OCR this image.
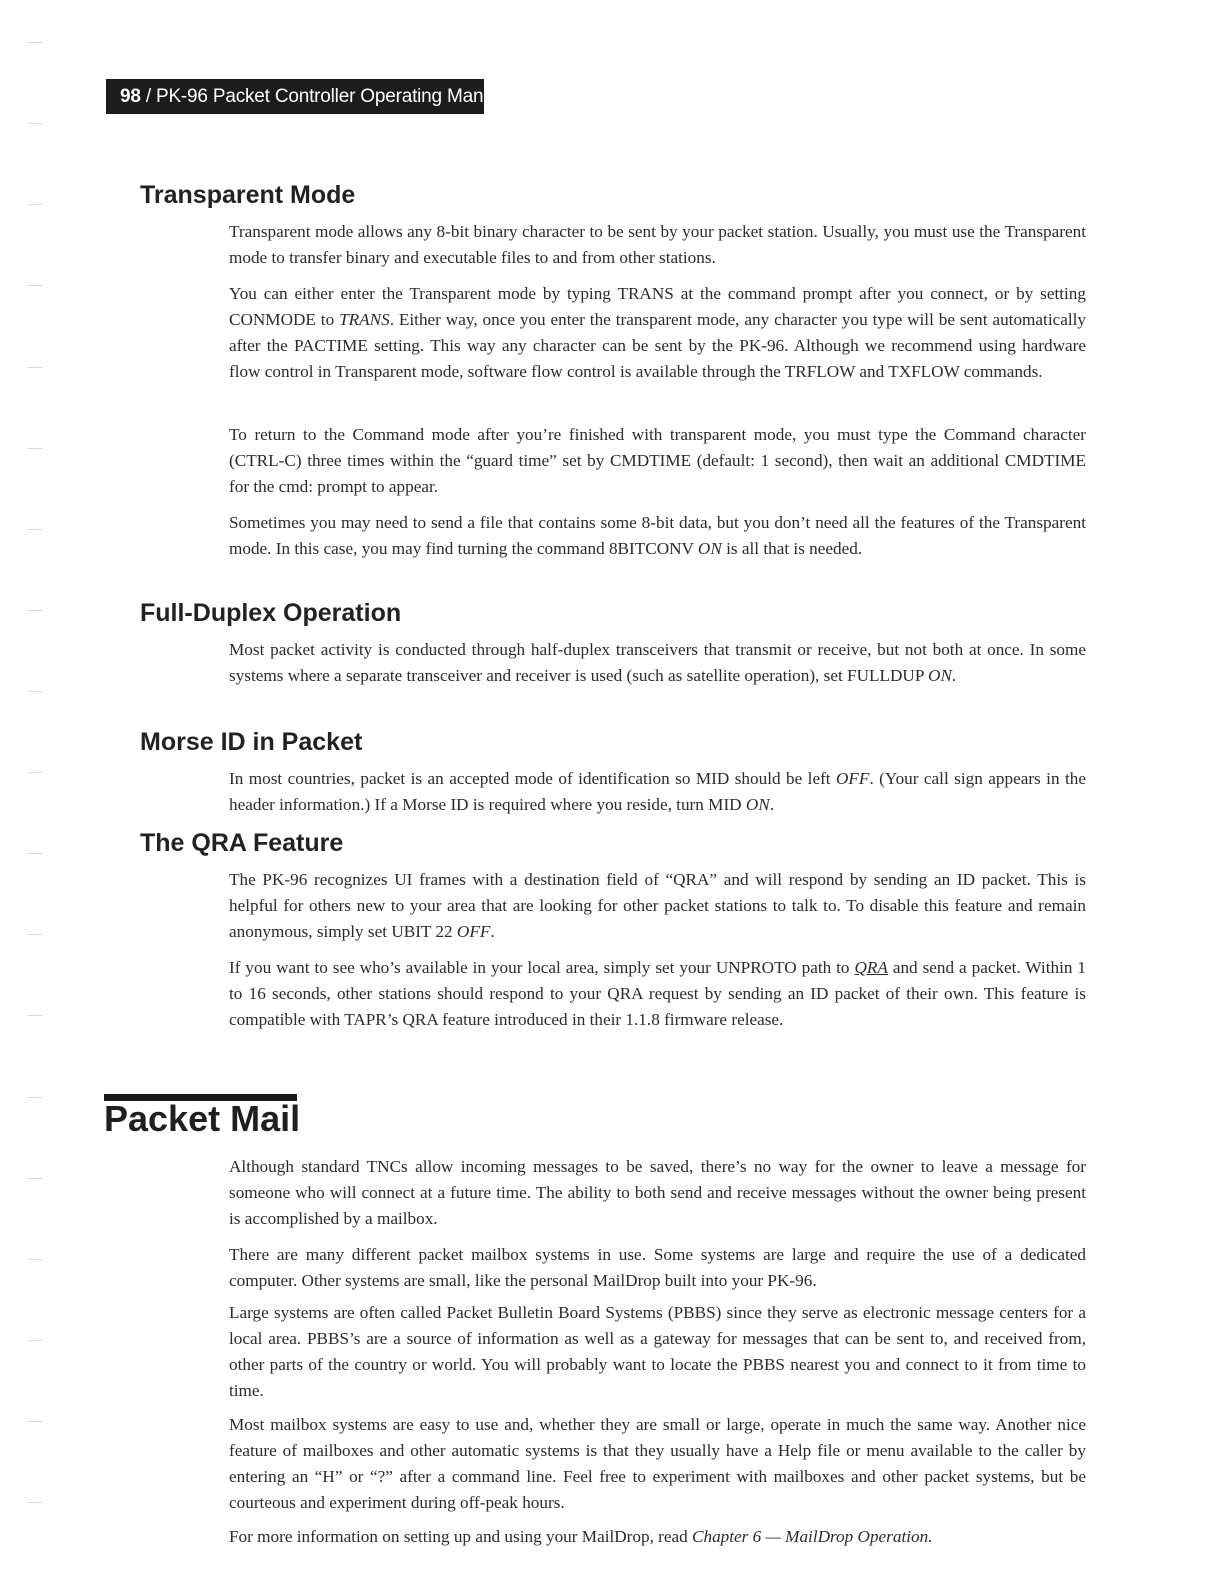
98 / PK-96 Packet Controller Operating Manual
Transparent Mode

Transparent mode allows any 8-bit binary character to be sent by your packet station. Usually, you must use the Transparent mode to transfer binary and executable files to and from other stations.

You can either enter the Transparent mode by typing TRANS at the command prompt after you connect, or by setting CONMODE to TRANS. Either way, once you enter the transparent mode, any character you type will be sent automatically after the PACTIME setting. This way any character can be sent by the PK-96. Although we recommend using hardware flow control in Transparent mode, software flow control is available through the TRFLOW and TXFLOW commands.

To return to the Command mode after you’re finished with transparent mode, you must type the Command character (CTRL-C) three times within the “guard time” set by CMDTIME (default: 1 second), then wait an additional CMDTIME for the cmd: prompt to appear.

Sometimes you may need to send a file that contains some 8-bit data, but you don’t need all the features of the Transparent mode. In this case, you may find turning the command 8BITCONV ON is all that is needed.

Full-Duplex Operation

Most packet activity is conducted through half-duplex transceivers that transmit or receive, but not both at once. In some systems where a separate transceiver and receiver is used (such as satellite operation), set FULLDUP ON.

Morse ID in Packet

In most countries, packet is an accepted mode of identification so MID should be left OFF. (Your call sign appears in the header information.) If a Morse ID is required where you reside, turn MID ON.

The QRA Feature

The PK-96 recognizes UI frames with a destination field of “QRA” and will respond by sending an ID packet. This is helpful for others new to your area that are looking for other packet stations to talk to. To disable this feature and remain anonymous, simply set UBIT 22 OFF.

If you want to see who’s available in your local area, simply set your UNPROTO path to QRA and send a packet. Within 1 to 16 seconds, other stations should respond to your QRA request by sending an ID packet of their own. This feature is compatible with TAPR’s QRA feature introduced in their 1.1.8 firmware release.

Packet Mail

Although standard TNCs allow incoming messages to be saved, there’s no way for the owner to leave a message for someone who will connect at a future time. The ability to both send and receive messages without the owner being present is accomplished by a mailbox.

There are many different packet mailbox systems in use. Some systems are large and require the use of a dedicated computer. Other systems are small, like the personal MailDrop built into your PK-96.

Large systems are often called Packet Bulletin Board Systems (PBBS) since they serve as electronic message centers for a local area. PBBS’s are a source of information as well as a gateway for messages that can be sent to, and received from, other parts of the country or world. You will probably want to locate the PBBS nearest you and connect to it from time to time.

Most mailbox systems are easy to use and, whether they are small or large, operate in much the same way. Another nice feature of mailboxes and other automatic systems is that they usually have a Help file or menu available to the caller by entering an “H” or “?” after a command line. Feel free to experiment with mailboxes and other packet systems, but be courteous and experiment during off-peak hours.

For more information on setting up and using your MailDrop, read Chapter 6 — MailDrop Operation.
